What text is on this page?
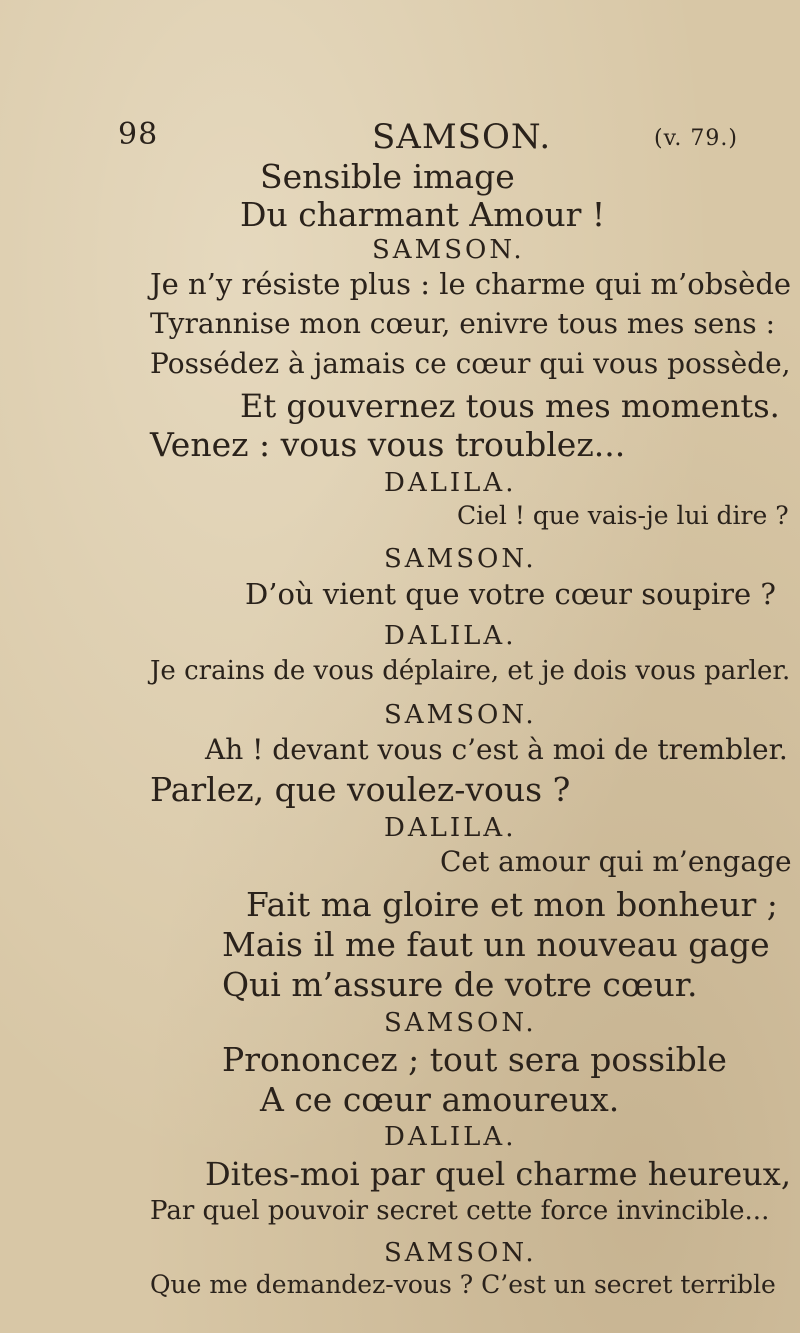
98	SAMSON.	(v. 79.)
Sensible image
Du charmant Amour !
SAMSON.
Je n’y résiste plus : le charme qui m’obsède
Tyrannise mon cœur, enivre tous mes sens :
Possédez à jamais ce cœur qui vous possède,
Et gouvernez tous mes moments.
Venez : vous vous troublez...
DALILA.
Ciel ! que vais-je lui dire ?
SAMSON.
D’où vient que votre cœur soupire ?
DALILA.
Je crains de vous déplaire, et je dois vous parler.
SAMSON.
Ah ! devant vous c’est à moi de trembler.
Parlez, que voulez-vous ?
DALILA.
Cet amour qui m’engage
Fait ma gloire et mon bonheur ;
Mais il me faut un nouveau gage
Qui m’assure de votre cœur.
SAMSON.
Prononcez ; tout sera possible
A ce cœur amoureux.
DALILA.
Dites-moi par quel charme heureux,
Par quel pouvoir secret cette force invincible...
SAMSON.
Que me demandez-vous ? C’est un secret terrible
